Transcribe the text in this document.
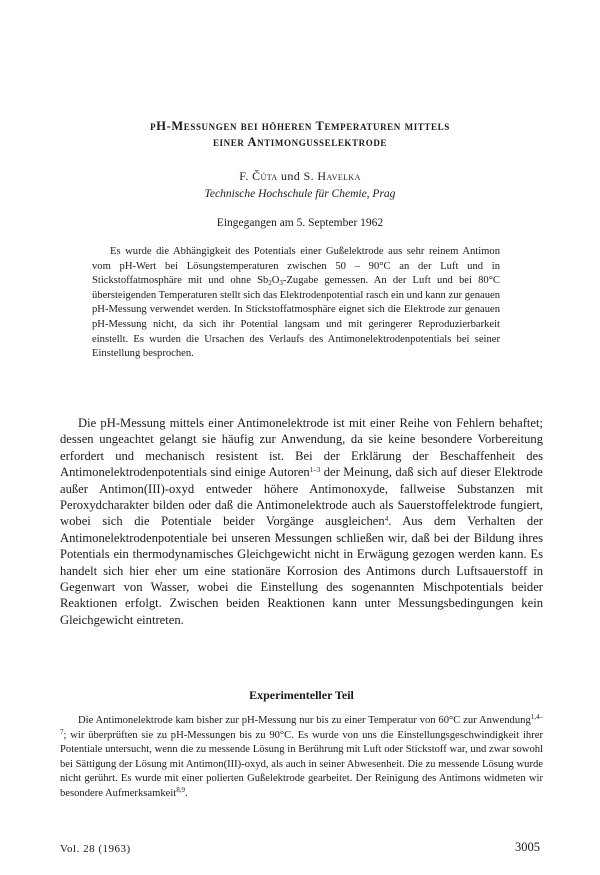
pH-Messungen bei höheren Temperaturen mittels
einer Antimongusselektrode
F. Čůta und S. Havelka
Technische Hochschule für Chemie, Prag
Eingegangen am 5. September 1962

Es wurde die Abhängigkeit des Potentials einer Gußelektrode aus sehr reinem Antimon vom pH-Wert bei Lösungstemperaturen zwischen 50 – 90°C an der Luft und in Stickstoffatmosphäre mit und ohne $Sb_2O_3$-Zugabe gemessen. An der Luft und bei 80°C übersteigenden Temperaturen stellt sich das Elektrodenpotential rasch ein und kann zur genauen pH-Messung verwendet werden. In Stickstoffatmosphäre eignet sich die Elektrode zur genauen pH-Messung nicht, da sich ihr Potential langsam und mit geringerer Reproduzierbarkeit einstellt. Es wurden die Ursachen des Verlaufs des Antimonelektrodenpotentials bei seiner Einstellung besprochen.

Die pH-Messung mittels einer Antimonelektrode ist mit einer Reihe von Fehlern behaftet; dessen ungeachtet gelangt sie häufig zur Anwendung, da sie keine besondere Vorbereitung erfordert und mechanisch resistent ist. Bei der Erklärung der Beschaffenheit des Antimonelektrodenpotentials sind einige Autoren$^{1-3}$ der Meinung, daß sich auf dieser Elektrode außer Antimon(III)-oxyd entweder höhere Antimonoxyde, fallweise Substanzen mit Peroxydcharakter bilden oder daß die Antimonelektrode auch als Sauerstoffelektrode fungiert, wobei sich die Potentiale beider Vorgänge ausgleichen$^4$. Aus dem Verhalten der Antimonelektrodenpotentiale bei unseren Messungen schließen wir, daß bei der Bildung ihres Potentials ein thermodynamisches Gleichgewicht nicht in Erwägung gezogen werden kann. Es handelt sich hier eher um eine stationäre Korrosion des Antimons durch Luftsauerstoff in Gegenwart von Wasser, wobei die Einstellung des sogenannten Mischpotentials beider Reaktionen erfolgt. Zwischen beiden Reaktionen kann unter Messungsbedingungen kein Gleichgewicht eintreten.

Experimenteller Teil

Die Antimonelektrode kam bisher zur pH-Messung nur bis zu einer Temperatur von 60°C zur Anwendung$^{1,4-7}$; wir überprüften sie zu pH-Messungen bis zu 90°C. Es wurde von uns die Einstellungsgeschwindigkeit ihrer Potentiale untersucht, wenn die zu messende Lösung in Berührung mit Luft oder Stickstoff war, und zwar sowohl bei Sättigung der Lösung mit Antimon(III)-oxyd, als auch in seiner Abwesenheit. Die zu messende Lösung wurde nicht gerührt. Es wurde mit einer polierten Gußelektrode gearbeitet. Der Reinigung des Antimons widmeten wir besondere Aufmerksamkeit$^{8,9}$.

Vol. 28 (1963)	3005
